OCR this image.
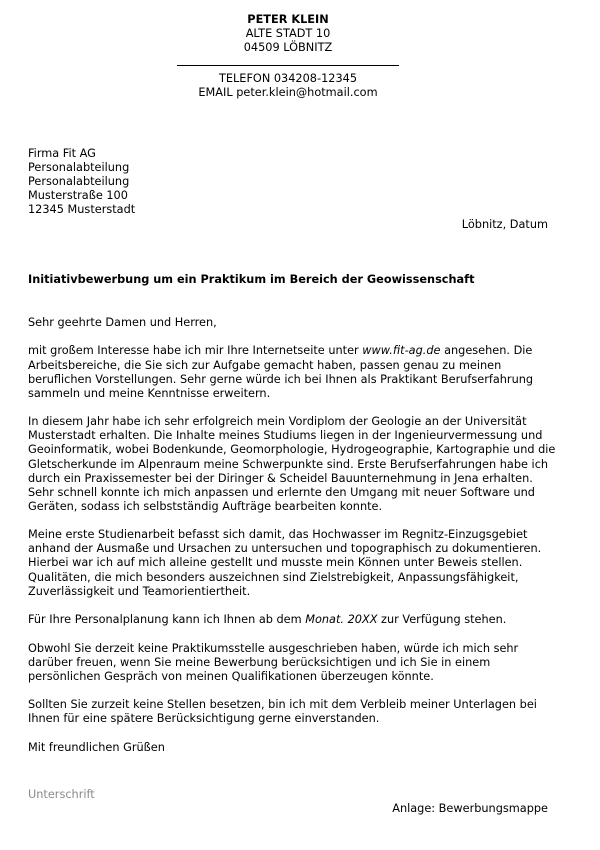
PETER KLEIN
ALTE STADT 10
04509 LÖBNITZ
TELEFON 034208-12345
EMAIL peter.klein@hotmail.com
Firma Fit AG
Personalabteilung
Personalabteilung
Musterstraße 100
12345 Musterstadt
Löbnitz, Datum
Initiativbewerbung um ein Praktikum im Bereich der Geowissenschaft
Sehr geehrte Damen und Herren,

mit großem Interesse habe ich mir Ihre Internetseite unter www.fit-ag.de angesehen. Die Arbeitsbereiche, die Sie sich zur Aufgabe gemacht haben, passen genau zu meinen beruflichen Vorstellungen. Sehr gerne würde ich bei Ihnen als Praktikant Berufserfahrung sammeln und meine Kenntnisse erweitern.

In diesem Jahr habe ich sehr erfolgreich mein Vordiplom der Geologie an der Universität Musterstadt erhalten. Die Inhalte meines Studiums liegen in der Ingenieurvermessung und Geoinformatik, wobei Bodenkunde, Geomorphologie, Hydrogeographie, Kartographie und die Gletscherkunde im Alpenraum meine Schwerpunkte sind. Erste Berufserfahrungen habe ich durch ein Praxissemester bei der Diringer & Scheidel Bauunternehmung in Jena erhalten. Sehr schnell konnte ich mich anpassen und erlernte den Umgang mit neuer Software und Geräten, sodass ich selbstständig Aufträge bearbeiten konnte.

Meine erste Studienarbeit befasst sich damit, das Hochwasser im Regnitz-Einzugsgebiet anhand der Ausmaße und Ursachen zu untersuchen und topographisch zu dokumentieren. Hierbei war ich auf mich alleine gestellt und musste mein Können unter Beweis stellen. Qualitäten, die mich besonders auszeichnen sind Zielstrebigkeit, Anpassungsfähigkeit, Zuverlässigkeit und Teamorientiertheit.

Für Ihre Personalplanung kann ich Ihnen ab dem Monat. 20XX zur Verfügung stehen.

Obwohl Sie derzeit keine Praktikumsstelle ausgeschrieben haben, würde ich mich sehr darüber freuen, wenn Sie meine Bewerbung berücksichtigen und ich Sie in einem persönlichen Gespräch von meinen Qualifikationen überzeugen könnte.

Sollten Sie zurzeit keine Stellen besetzen, bin ich mit dem Verbleib meiner Unterlagen bei Ihnen für eine spätere Berücksichtigung gerne einverstanden.

Mit freundlichen Grüßen
Unterschrift
Anlage: Bewerbungsmappe
